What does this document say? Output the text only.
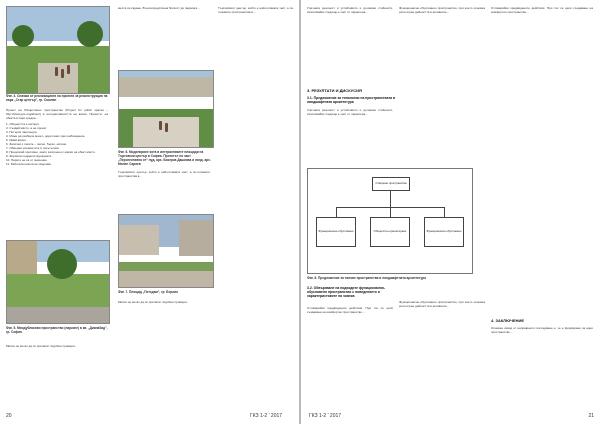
Фиг. 4. Снимки от реализацията на проекта за реконструкция на парк „Стар център", гр. Смолян
Проект на Обществено пространство (Project for public spaces – http://www.pps.org/about/) в интерактивността на визия. Проектът на обекта в парк средна ...
1. Общността е експерт.
2. Създай място, а не проект.
3. Потърси партньори.
4. Може да разберш много, дори само чрез наблюдение.
5. Имай визия.
6. Започни с леките – лесно, бързо, евтино.
7. Обвържи елементите в триъгълник.
8. Предлагай противно, както започнеш с малки на обект място.
9. Формата подкрепя функцията.
10. Парите не са от значение.
11. Работата никога не свършва.
Фиг. 5. Междублоково пространство (паркинг) в кв. „Дианабад", гр. София
Мисия не могат да се прилагат подобни примери...
места са сядане. В непосредствена близост до паркинга ...
Фиг. 6. Моделиране кота в интерактивите площади на Търговски център в София. Проектът на част „Перспективна от“ луд, арх. Бисерка Дашкова и ланд. арх. Милен Сараев
Търговският център, който е най-голямата част, а по-големите пространства в...
Фиг. 7. Площад „Потсдам", гр. Берлин
Мисия не могат да се прилагат подобни примери...
Търговският център, който е най-голямата част, а по-големите пространства в...
20	ГКЗ 1-2 ' 2017
Уличната реалност и устойчивото и дължимо стойности, използвайки гледище е част от характера...
3. РЕЗУЛТАТИ И ДИСКУСИЯ
3.1. Предложение за типологии на пространствата в ландшафтната архитектура
Уличната реалност и устойчивото и дължимо стойности, използвайки гледище е част от характера...
Отворени пространства
Функционално-обусловено	Общностно-ориентирано	Функционално-обусловено
Фиг. 8. Предложение за типове пространства в ландшафтната архитектура
3.2. Обвързване на подходите функционално-обусловено пространство с поведението и характеристиките на човека
Отговаряйки предвидените действия. При тях се цели създаване на комфортно пространство...
Функционално-обусловено пространство, при което основна роля играе дейността в активните...
Функционално-обусловено пространство, при което основна роля играе дейността в активните...
Отговаряйки предвидените действия. При тях се цели създаване на комфортно пространство...
4. ЗАКЛЮЧЕНИЕ
Основен извод от направеното изследване е, че е формирано за едно пространство...
ГКЗ 1-2 ' 2017	21
